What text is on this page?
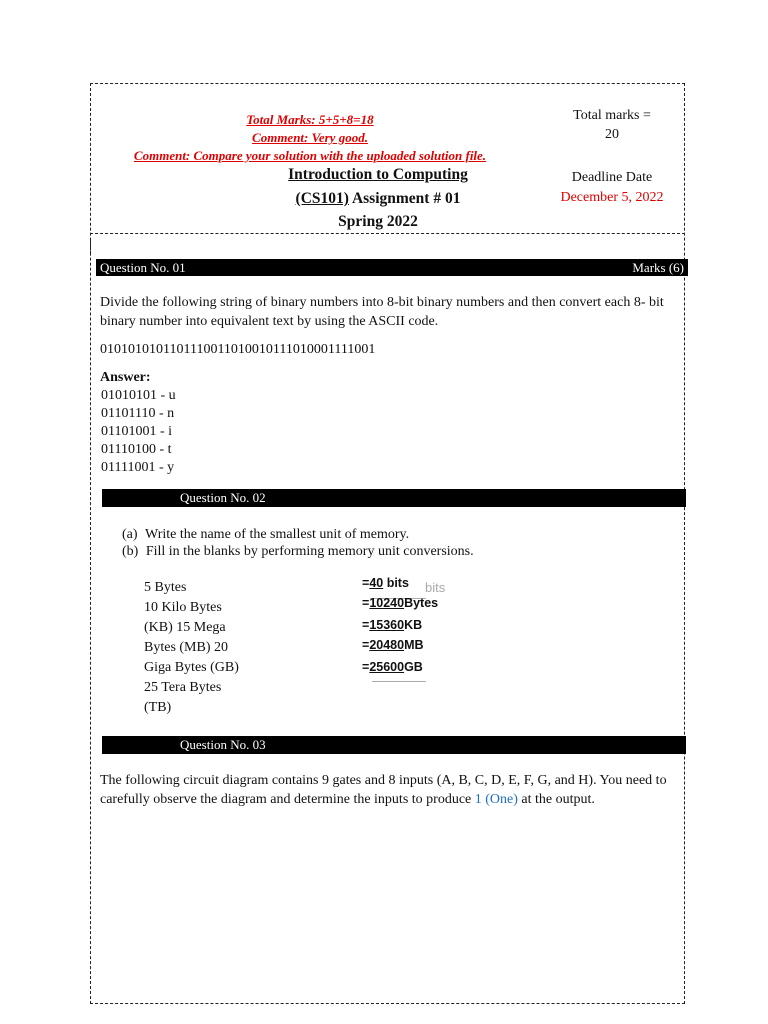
Total Marks: 5+5+8=18
Comment: Very good.
Comment: Compare your solution with the uploaded solution file.
Introduction to Computing
(CS101) Assignment # 01
Spring 2022
Total marks =
20
Deadline Date
December 5, 2022
Question No. 01	Marks (6)
Divide the following string of binary numbers into 8-bit binary numbers and then convert each 8- bit binary number into equivalent text by using the ASCII code.
0101010101101110011010010111010001111001
Answer:
01010101 - u
01101110 - n
01101001 - i
01110100 - t
01111001 - y
Question No. 02
(a) Write the name of the smallest unit of memory.
(b) Fill in the blanks by performing memory unit conversions.
5 Bytes
10 Kilo Bytes
(KB) 15 Mega
Bytes (MB) 20
Giga Bytes (GB)
25 Tera Bytes
(TB)
=40 bits bits
=10240Bytes
=15360KB
=20480MB
=25600GB
Question No. 03
The following circuit diagram contains 9 gates and 8 inputs (A, B, C, D, E, F, G, and H). You need to carefully observe the diagram and determine the inputs to produce 1 (One) at the output.
